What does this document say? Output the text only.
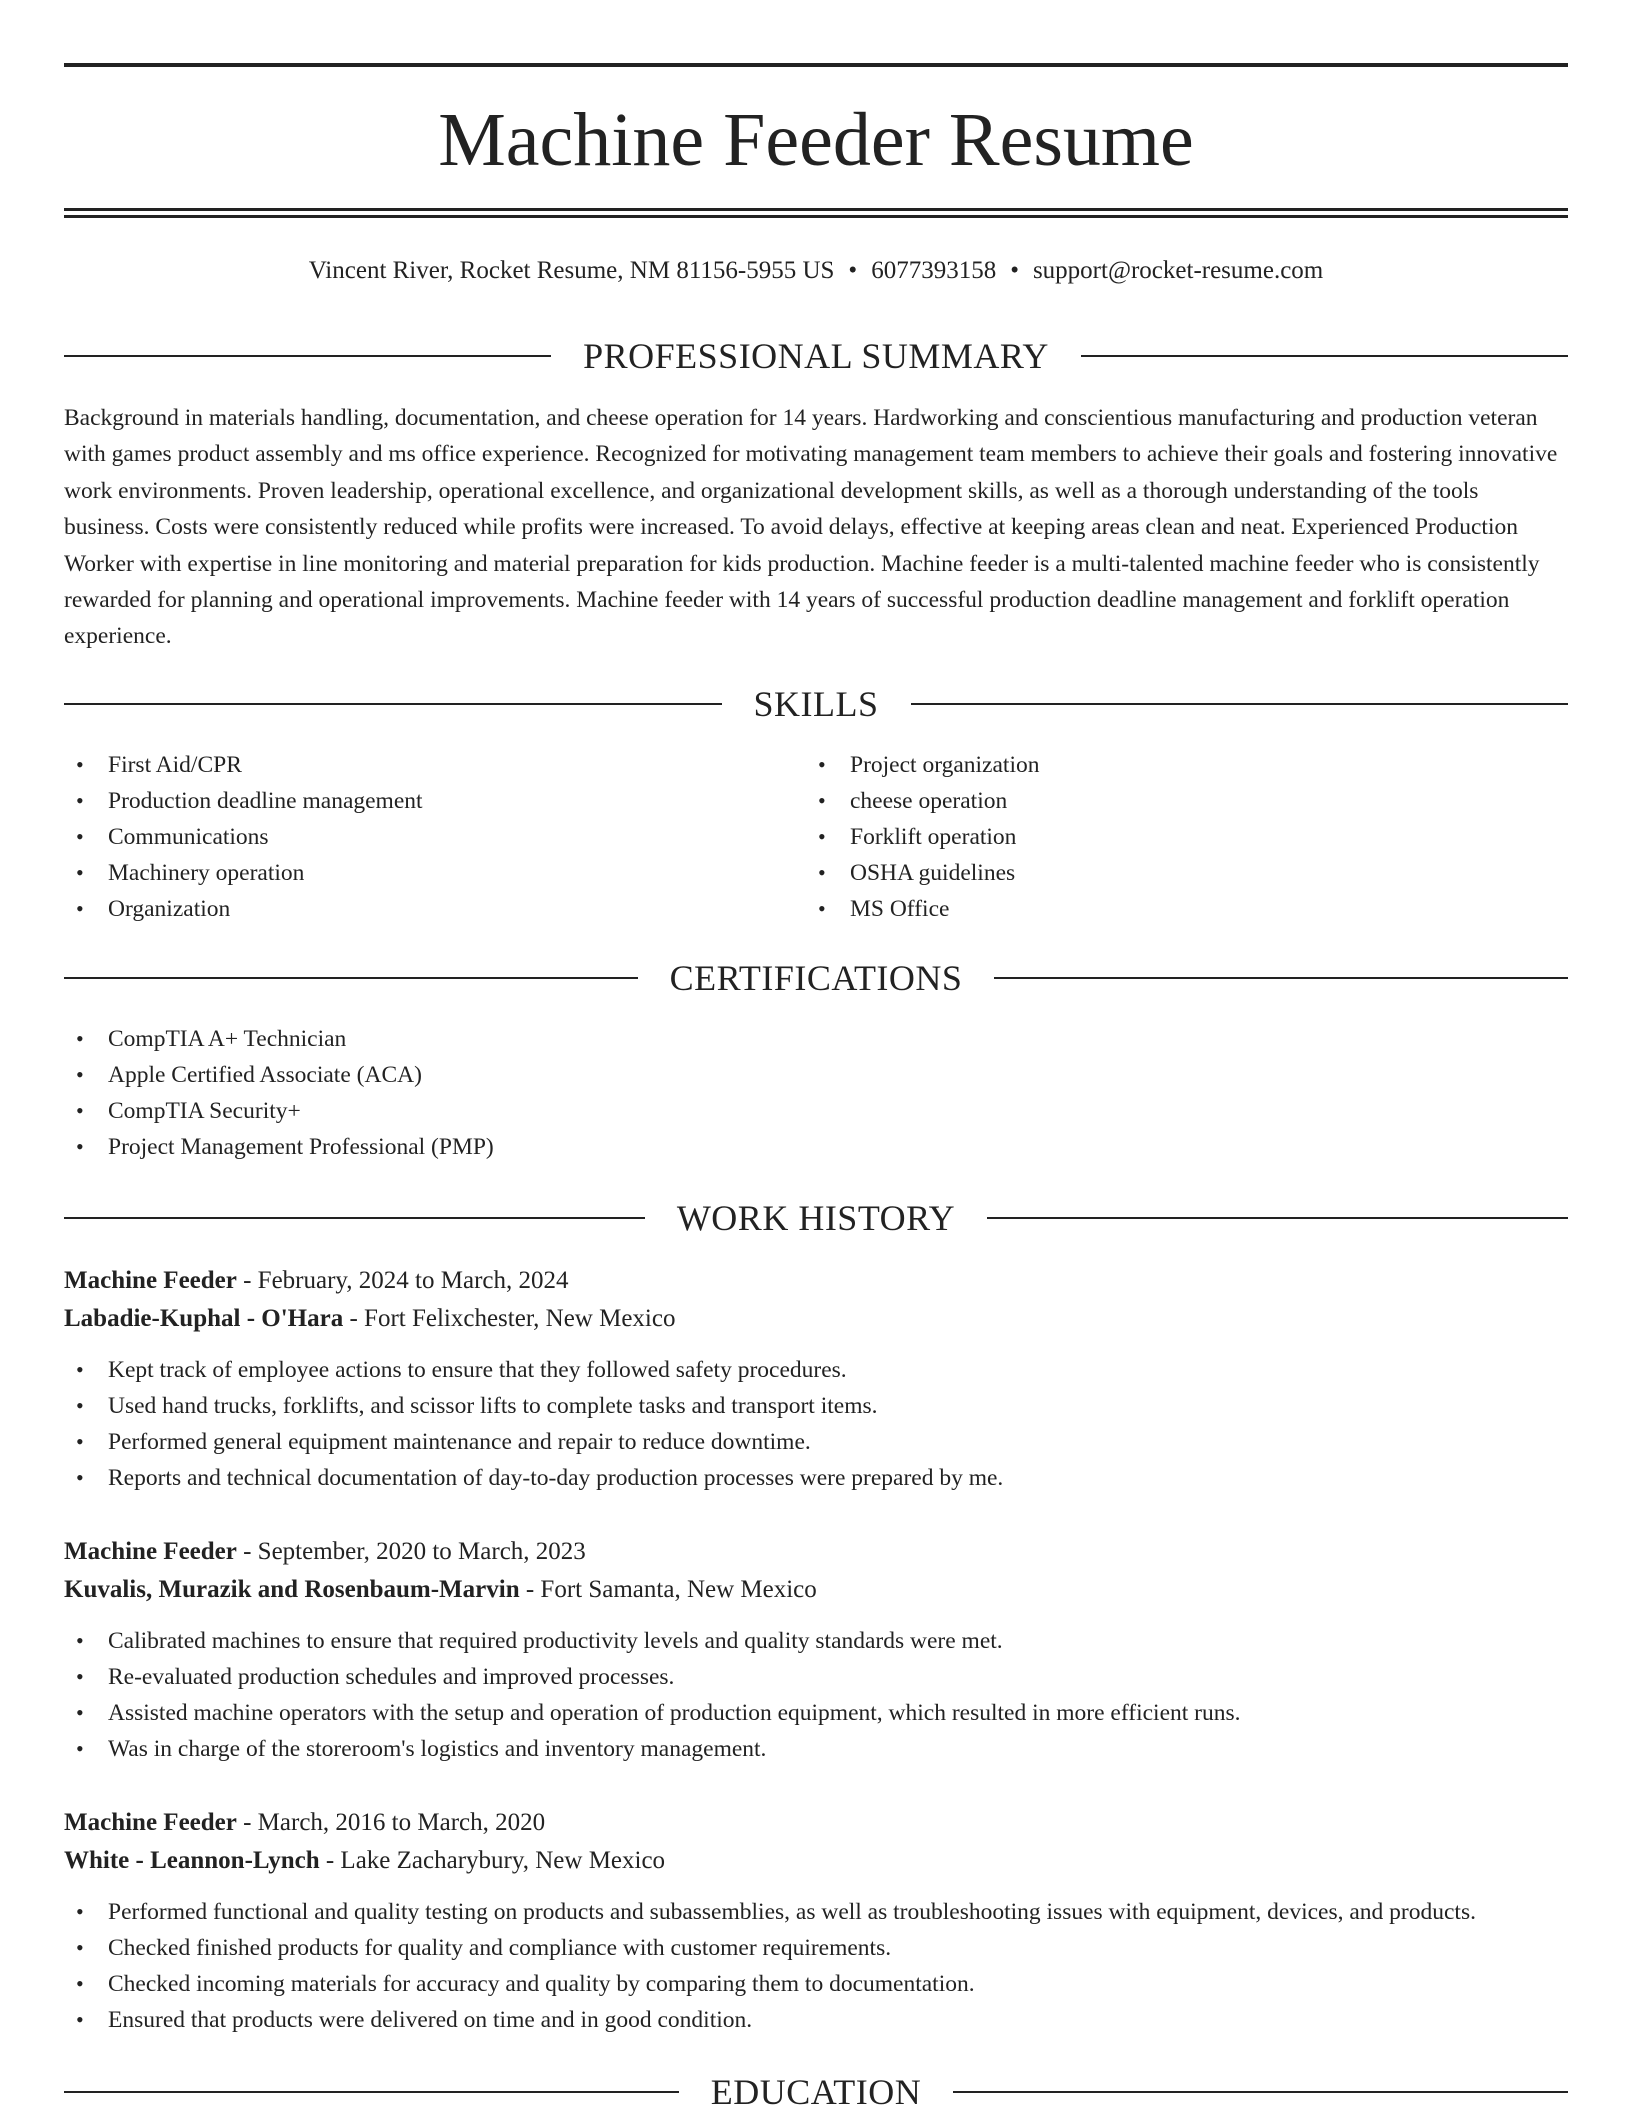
Machine Feeder Resume
Vincent River, Rocket Resume, NM 81156-5955 US • 6077393158 • support@rocket-resume.com
PROFESSIONAL SUMMARY

Background in materials handling, documentation, and cheese operation for 14 years. Hardworking and conscientious manufacturing and production veteran with games product assembly and ms office experience. Recognized for motivating management team members to achieve their goals and fostering innovative work environments. Proven leadership, operational excellence, and organizational development skills, as well as a thorough understanding of the tools business. Costs were consistently reduced while profits were increased. To avoid delays, effective at keeping areas clean and neat. Experienced Production Worker with expertise in line monitoring and material preparation for kids production. Machine feeder is a multi-talented machine feeder who is consistently rewarded for planning and operational improvements. Machine feeder with 14 years of successful production deadline management and forklift operation experience.

SKILLS
• First Aid/CPR
• Production deadline management
• Communications
• Machinery operation
• Organization
• Project organization
• cheese operation
• Forklift operation
• OSHA guidelines
• MS Office
CERTIFICATIONS
• CompTIA A+ Technician
• Apple Certified Associate (ACA)
• CompTIA Security+
• Project Management Professional (PMP)
WORK HISTORY
Machine Feeder - February, 2024 to March, 2024
Labadie-Kuphal - O'Hara - Fort Felixchester, New Mexico
• Kept track of employee actions to ensure that they followed safety procedures.
• Used hand trucks, forklifts, and scissor lifts to complete tasks and transport items.
• Performed general equipment maintenance and repair to reduce downtime.
• Reports and technical documentation of day-to-day production processes were prepared by me.
Machine Feeder - September, 2020 to March, 2023
Kuvalis, Murazik and Rosenbaum-Marvin - Fort Samanta, New Mexico
• Calibrated machines to ensure that required productivity levels and quality standards were met.
• Re-evaluated production schedules and improved processes.
• Assisted machine operators with the setup and operation of production equipment, which resulted in more efficient runs.
• Was in charge of the storeroom's logistics and inventory management.
Machine Feeder - March, 2016 to March, 2020
White - Leannon-Lynch - Lake Zacharybury, New Mexico
• Performed functional and quality testing on products and subassemblies, as well as troubleshooting issues with equipment, devices, and products.
• Checked finished products for quality and compliance with customer requirements.
• Checked incoming materials for accuracy and quality by comparing them to documentation.
• Ensured that products were delivered on time and in good condition.
EDUCATION
